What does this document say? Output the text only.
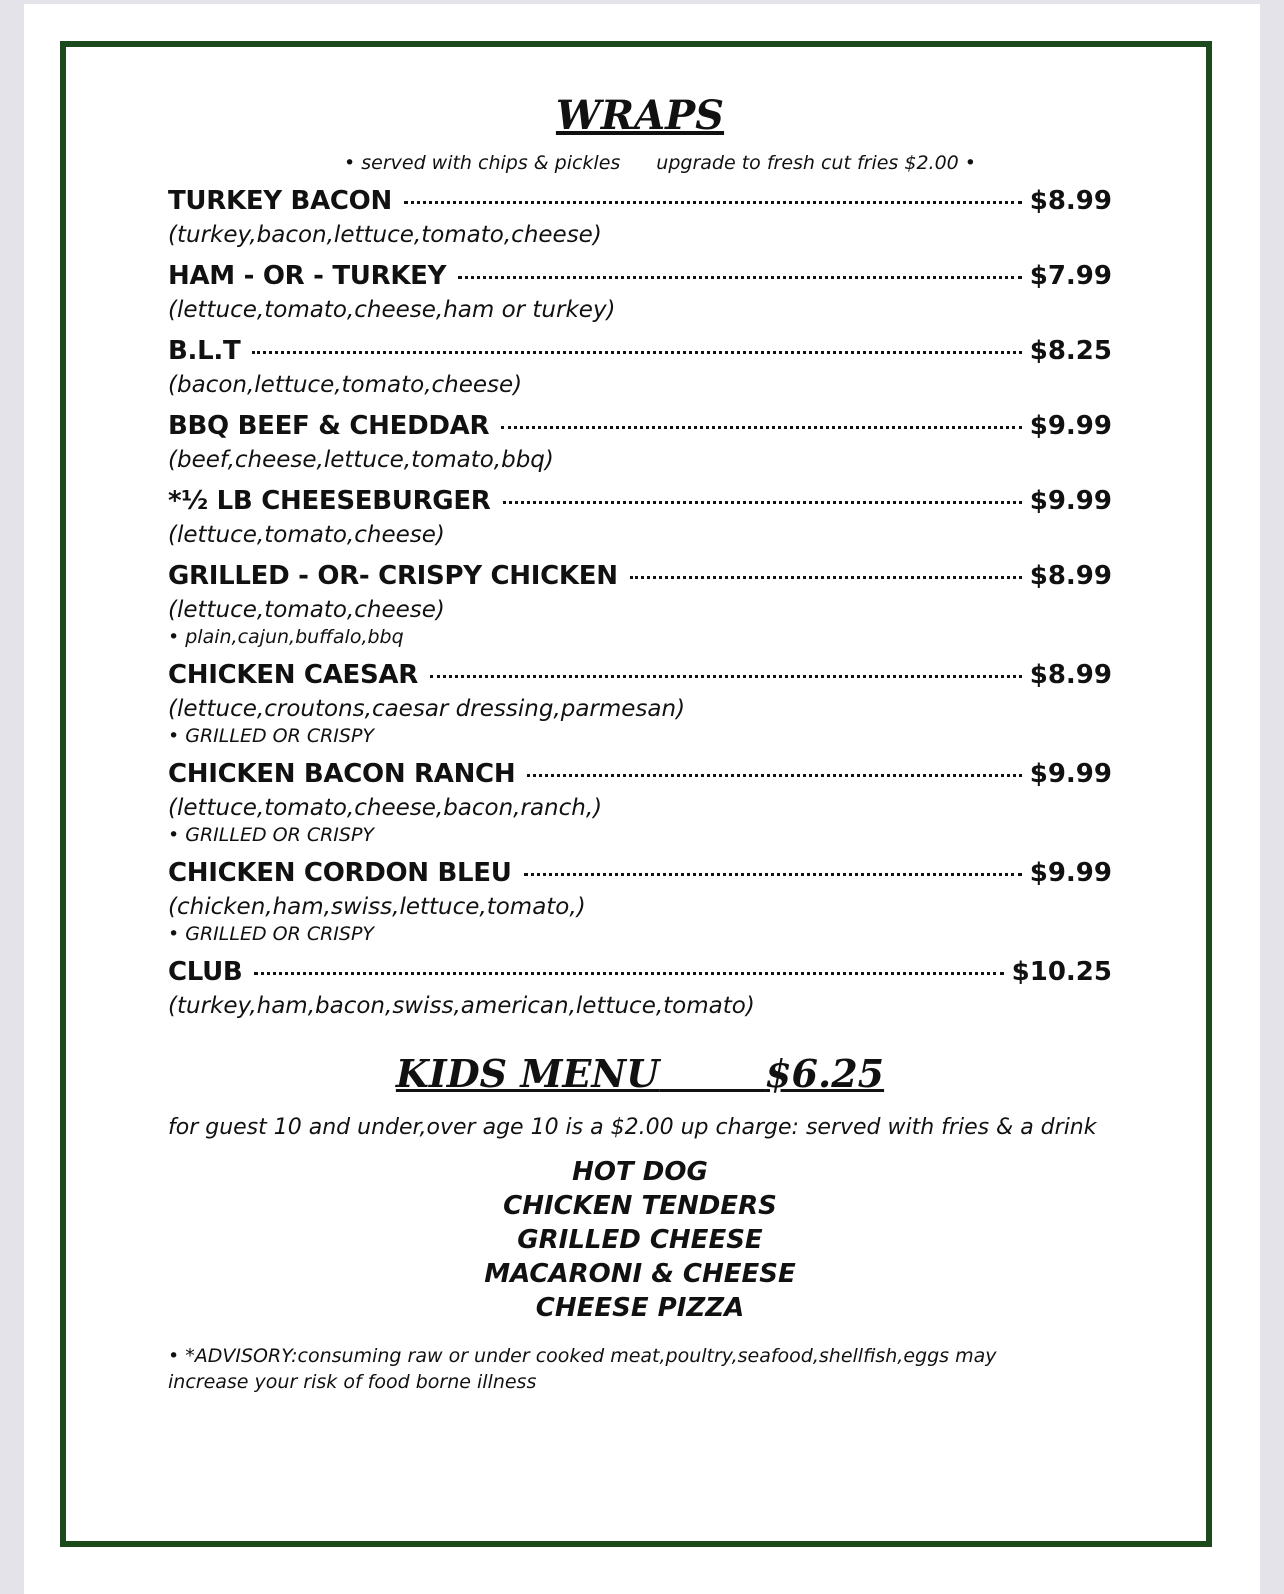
WRAPS
• served with chips & pickles upgrade to fresh cut fries $2.00 •
TURKEY BACON	$8.99
(turkey,bacon,lettuce,tomato,cheese)
HAM - OR - TURKEY	$7.99
(lettuce,tomato,cheese,ham or turkey)
B.L.T	$8.25
(bacon,lettuce,tomato,cheese)
BBQ BEEF & CHEDDAR	$9.99
(beef,cheese,lettuce,tomato,bbq)
*½ LB CHEESEBURGER	$9.99
(lettuce,tomato,cheese)
GRILLED - OR- CRISPY CHICKEN	$8.99
(lettuce,tomato,cheese)
• plain,cajun,buffalo,bbq
CHICKEN CAESAR	$8.99
(lettuce,croutons,caesar dressing,parmesan)
• GRILLED OR CRISPY
CHICKEN BACON RANCH	$9.99
(lettuce,tomato,cheese,bacon,ranch,)
• GRILLED OR CRISPY
CHICKEN CORDON BLEU	$9.99
(chicken,ham,swiss,lettuce,tomato,)
• GRILLED OR CRISPY
CLUB	$10.25
(turkey,ham,bacon,swiss,american,lettuce,tomato)
KIDS MENU	$6.25
for guest 10 and under,over age 10 is a $2.00 up charge: served with fries & a drink
HOT DOG
CHICKEN TENDERS
GRILLED CHEESE
MACARONI & CHEESE
CHEESE PIZZA
• *ADVISORY:consuming raw or under cooked meat,poultry,seafood,shellfish,eggs may increase your risk of food borne illness
